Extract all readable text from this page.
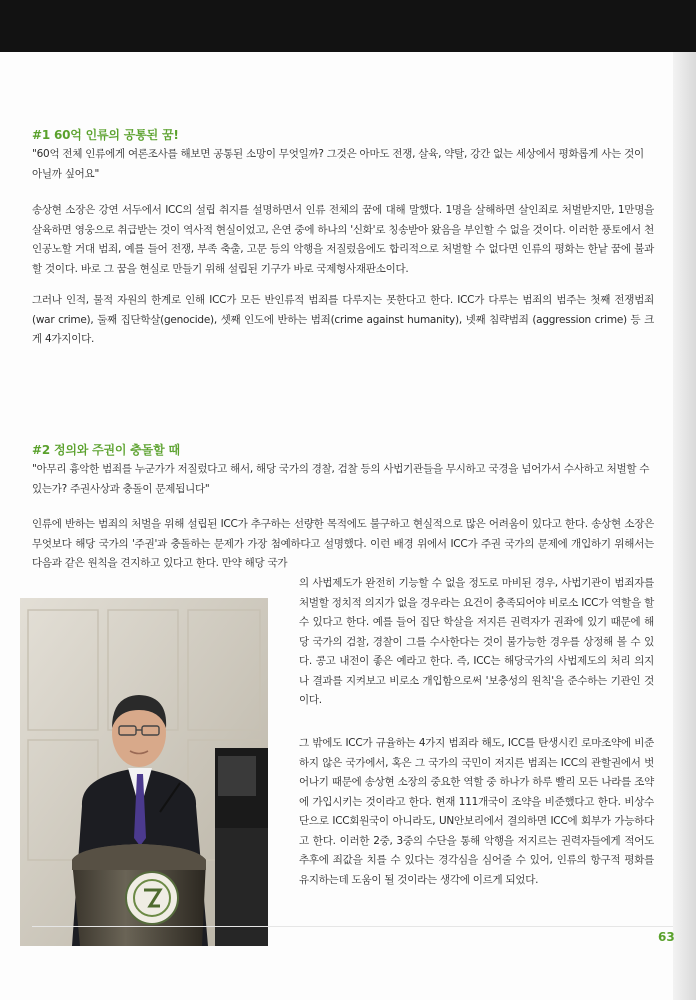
#1 60억 인류의 공통된 꿈!

"60억 전체 인류에게 여론조사를 해보면 공통된 소망이 무엇일까? 그것은 아마도 전쟁, 살육, 약탈, 강간 없는 세상에서 평화롭게 사는 것이 아닐까 싶어요"

송상현 소장은 강연 서두에서 ICC의 설립 취지를 설명하면서 인류 전체의 꿈에 대해 말했다. 1명을 살해하면 살인죄로 처벌받지만, 1만명을 살육하면 영웅으로 취급받는 것이 역사적 현실이었고, 은연 중에 하나의 '신화'로 칭송받아 왔음을 부인할 수 없을 것이다. 이러한 풍토에서 천인공노할 거대 범죄, 예를 들어 전쟁, 부족 축출, 고문 등의 악행을 저질렀음에도 합리적으로 처벌할 수 없다면 인류의 평화는 한낱 꿈에 불과할 것이다. 바로 그 꿈을 현실로 만들기 위해 설립된 기구가 바로 국제형사재판소이다.

그러나 인적, 물적 자원의 한계로 인해 ICC가 모든 반인류적 범죄를 다루지는 못한다고 한다. ICC가 다루는 범죄의 범주는 첫째 전쟁범죄(war crime), 둘째 집단학살(genocide), 셋째 인도에 반하는 범죄(crime against humanity), 넷째 침략범죄 (aggression crime) 등 크게 4가지이다.

#2 정의와 주권이 충돌할 때

"아무리 흉악한 범죄를 누군가가 저질렀다고 해서, 해당 국가의 경찰, 검찰 등의 사법기관들을 무시하고 국경을 넘어가서 수사하고 처벌할 수 있는가? 주권사상과 충돌이 문제됩니다"

인류에 반하는 범죄의 처벌을 위해 설립된 ICC가 추구하는 선량한 목적에도 불구하고 현실적으로 많은 어려움이 있다고 한다. 송상현 소장은 무엇보다 해당 국가의 '주권'과 충돌하는 문제가 가장 첨예하다고 설명했다. 이런 배경 위에서 ICC가 주권 국가의 문제에 개입하기 위해서는 다음과 같은 원칙을 견지하고 있다고 한다. 만약 해당 국가

의 사법제도가 완전히 기능할 수 없을 정도로 마비된 경우, 사법기관이 범죄자를 처벌할 정치적 의지가 없을 경우라는 요건이 충족되어야 비로소 ICC가 역할을 할 수 있다고 한다. 예를 들어 집단 학살을 저지른 권력자가 권좌에 있기 때문에 해당 국가의 검찰, 경찰이 그를 수사한다는 것이 불가능한 경우를 상정해 볼 수 있다. 콩고 내전이 좋은 예라고 한다. 즉, ICC는 해당국가의 사법제도의 처리 의지나 결과를 지켜보고 비로소 개입함으로써 '보충성의 원칙'을 준수하는 기관인 것이다.

그 밖에도 ICC가 규율하는 4가지 범죄라 해도, ICC를 탄생시킨 로마조약에 비준하지 않은 국가에서, 혹은 그 국가의 국민이 저지른 범죄는 ICC의 관할권에서 벗어나기 때문에 송상현 소장의 중요한 역할 중 하나가 하루 빨리 모든 나라를 조약에 가입시키는 것이라고 한다. 현재 111개국이 조약을 비준했다고 한다. 비상수단으로 ICC회원국이 아니라도, UN안보리에서 결의하면 ICC에 회부가 가능하다고 한다. 이러한 2중, 3중의 수단을 통해 악행을 저지르는 권력자들에게 적어도 추후에 죄값을 치를 수 있다는 경각심을 심어줄 수 있어, 인류의 항구적 평화를 유지하는데 도움이 될 것이라는 생각에 이르게 되었다.

63
